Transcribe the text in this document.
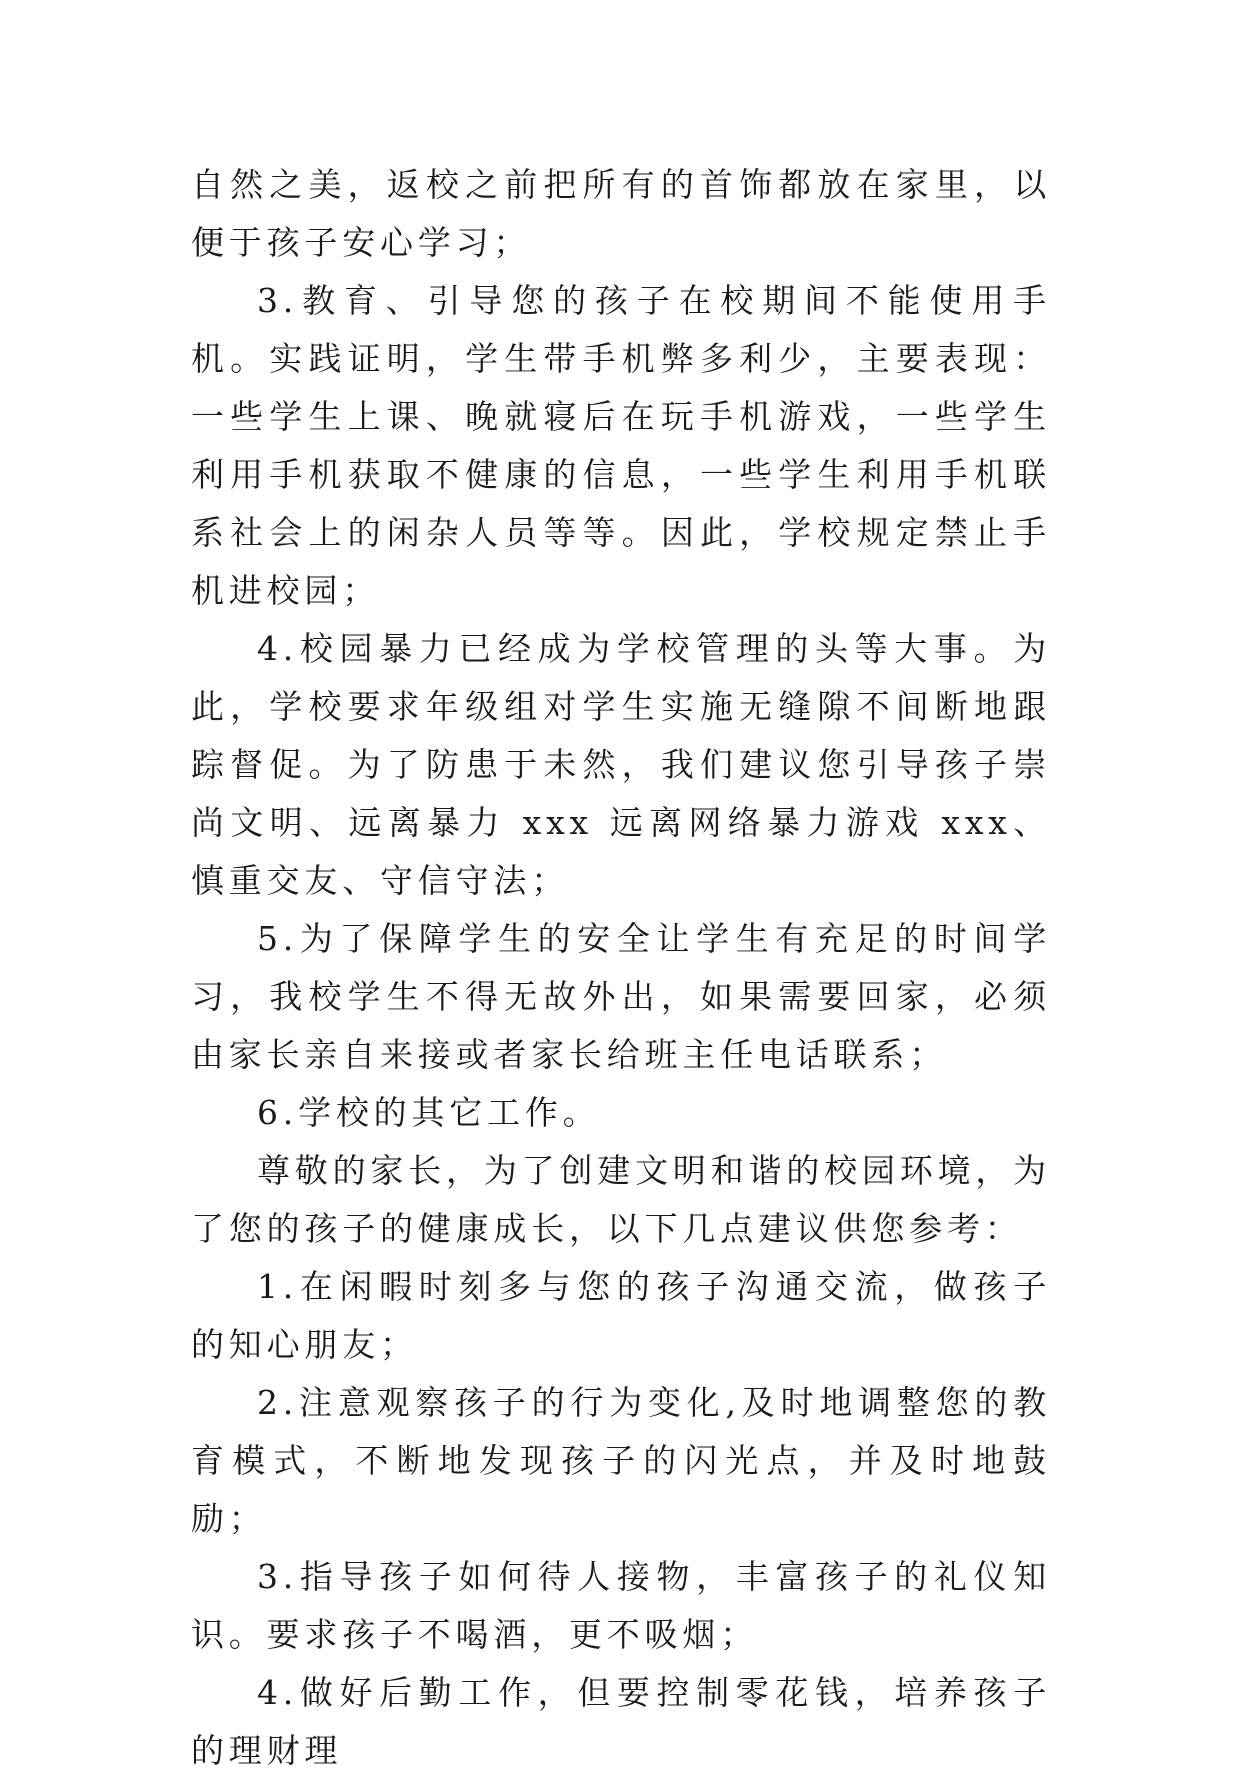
自然之美，返校之前把所有的首饰都放在家里，以便于孩子安心学习；

3.教育、引导您的孩子在校期间不能使用手机。实践证明，学生带手机弊多利少，主要表现：一些学生上课、晚就寝后在玩手机游戏，一些学生利用手机获取不健康的信息，一些学生利用手机联系社会上的闲杂人员等等。因此，学校规定禁止手机进校园；

4.校园暴力已经成为学校管理的头等大事。为此，学校要求年级组对学生实施无缝隙不间断地跟踪督促。为了防患于未然，我们建议您引导孩子崇尚文明、远离暴力 xxx 远离网络暴力游戏 xxx、慎重交友、守信守法；

5.为了保障学生的安全让学生有充足的时间学习，我校学生不得无故外出，如果需要回家，必须由家长亲自来接或者家长给班主任电话联系；

6.学校的其它工作。

尊敬的家长，为了创建文明和谐的校园环境，为了您的孩子的健康成长，以下几点建议供您参考：

1.在闲暇时刻多与您的孩子沟通交流，做孩子的知心朋友；

2.注意观察孩子的行为变化,及时地调整您的教育模式，不断地发现孩子的闪光点，并及时地鼓励；

3.指导孩子如何待人接物，丰富孩子的礼仪知识。要求孩子不喝酒，更不吸烟；

4.做好后勤工作，但要控制零花钱，培养孩子的理财理
